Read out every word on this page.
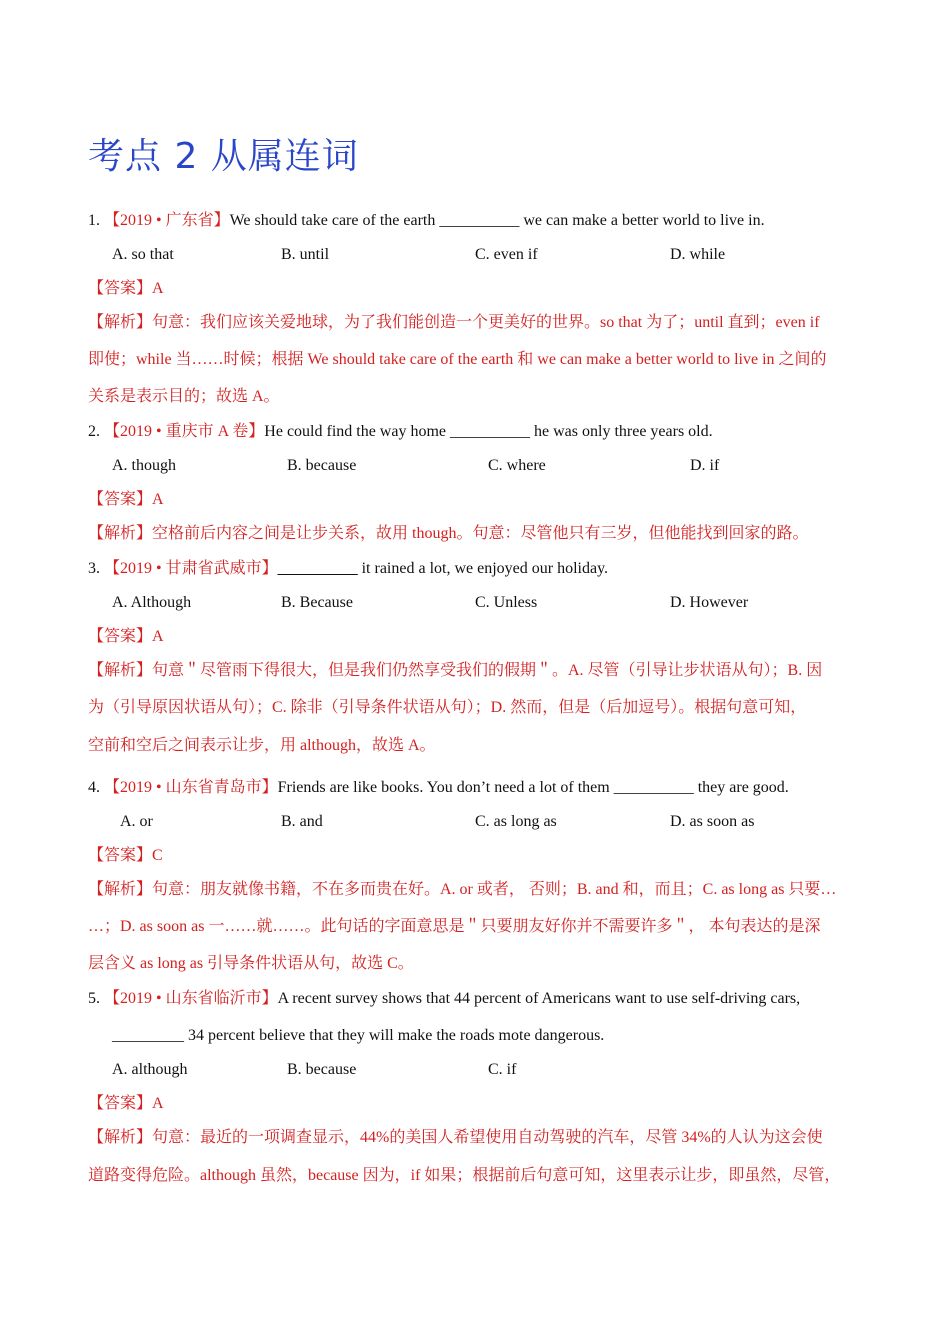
考点 2 从属连词
1. 【2019 • 广东省】We should take care of the earth __________ we can make a better world to live in.
A. so that	B. until	C. even if	D. while
【答案】A
【解析】句意：我们应该关爱地球，为了我们能创造一个更美好的世界。so that 为了；until 直到；even if
即使；while 当……时候；根据 We should take care of the earth 和 we can make a better world to live in 之间的
关系是表示目的；故选 A。
2. 【2019 • 重庆市 A 卷】He could find the way home __________ he was only three years old.
A. though	B. because	C. where	D. if
【答案】A
【解析】空格前后内容之间是让步关系，故用 though。句意：尽管他只有三岁，但他能找到回家的路。
3. 【2019 • 甘肃省武威市】__________ it rained a lot, we enjoyed our holiday.
A. Although	B. Because	C. Unless	D. However
【答案】A
【解析】句意＂尽管雨下得很大，但是我们仍然享受我们的假期＂。A. 尽管（引导让步状语从句）；B. 因
为（引导原因状语从句）；C. 除非（引导条件状语从句）；D. 然而，但是（后加逗号）。根据句意可知，
空前和空后之间表示让步，用 although，故选 A。
4. 【2019 • 山东省青岛市】Friends are like books. You don’t need a lot of them __________ they are good.
A. or	B. and	C. as long as	D. as soon as
【答案】C
【解析】句意：朋友就像书籍，不在多而贵在好。A. or 或者， 否则；B. and 和，而且；C. as long as 只要…
…；D. as soon as 一……就……。此句话的字面意思是＂只要朋友好你并不需要许多＂， 本句表达的是深
层含义 as long as 引导条件状语从句，故选 C。
5. 【2019 • 山东省临沂市】A recent survey shows that 44 percent of Americans want to use self-driving cars,
_________ 34 percent believe that they will make the roads mote dangerous.
A. although	B. because	C. if
【答案】A
【解析】句意：最近的一项调查显示，44%的美国人希望使用自动驾驶的汽车，尽管 34%的人认为这会使
道路变得危险。although 虽然，because 因为，if 如果；根据前后句意可知，这里表示让步，即虽然，尽管，
